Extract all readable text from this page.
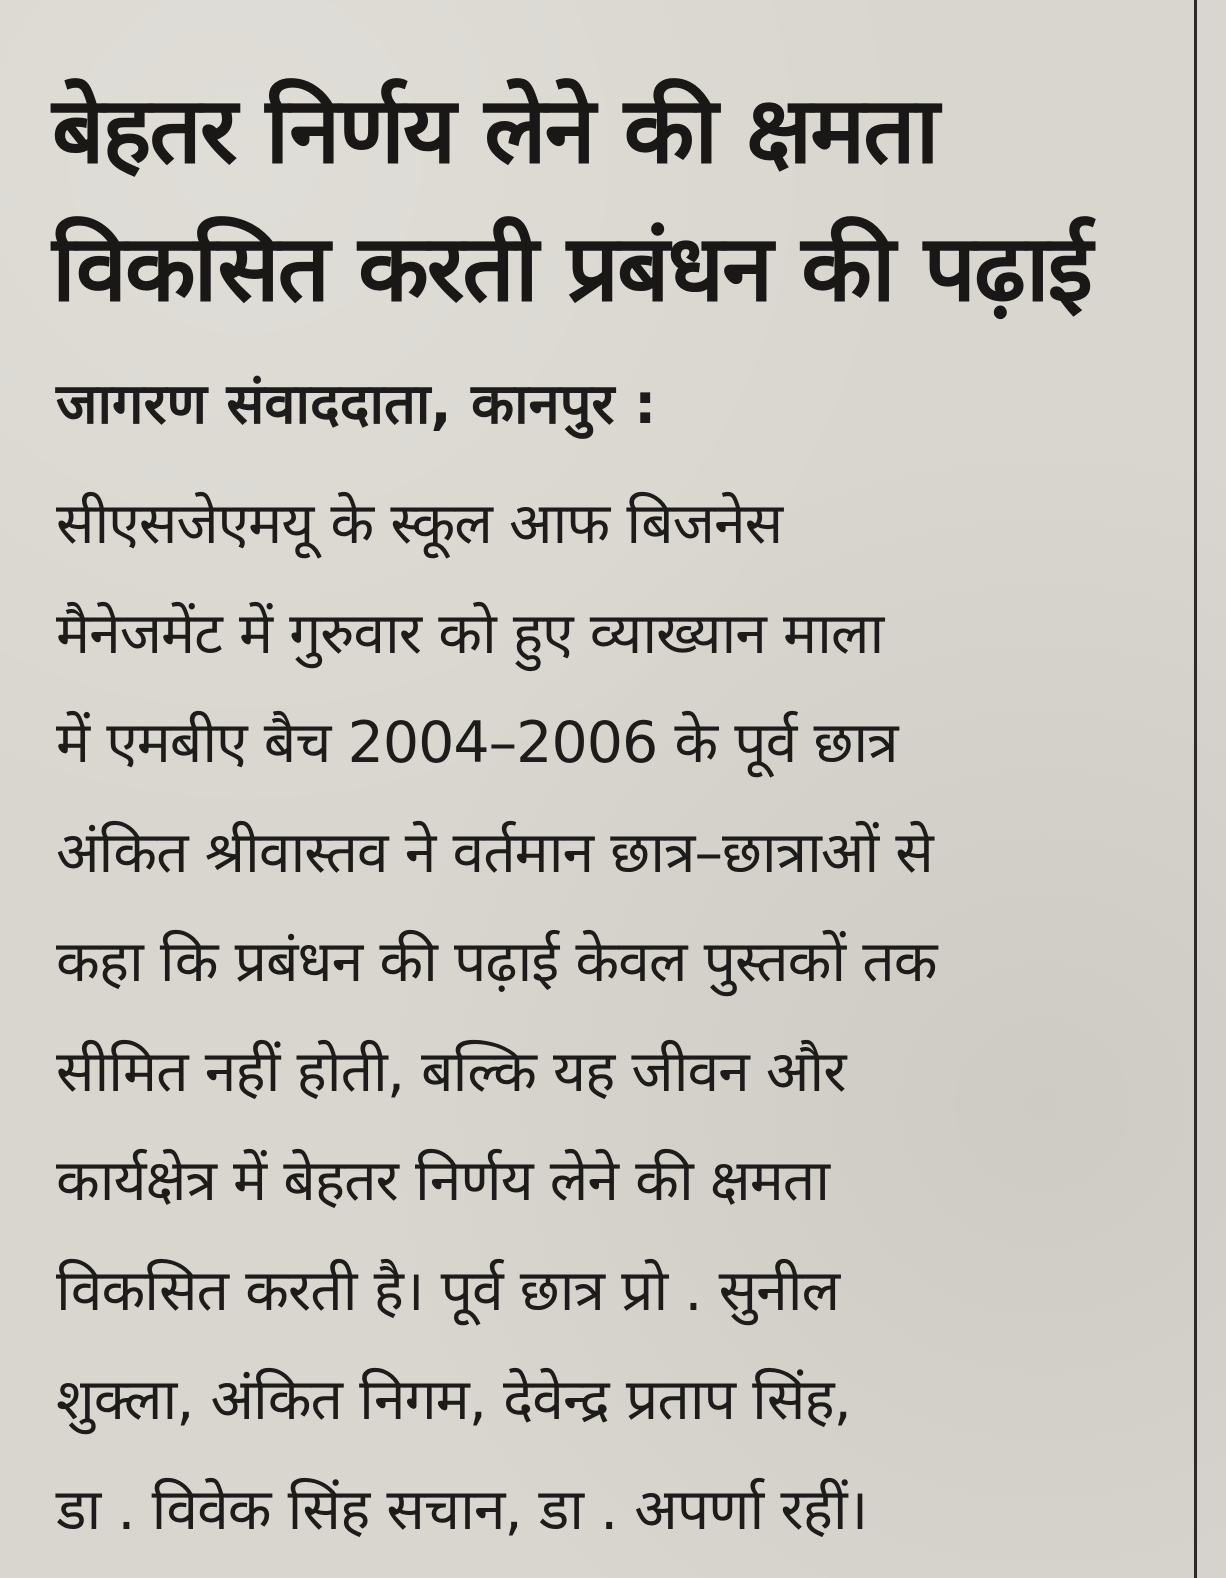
बेहतर निर्णय लेने की क्षमता
विकसित करती प्रबंधन की पढ़ाई

जागरण संवाददाता, कानपुर :

सीएसजेएमयू के स्कूल आफ बिजनेस
मैनेजमेंट में गुरुवार को हुए व्याख्यान माला
में एमबीए बैच 2004–2006 के पूर्व छात्र
अंकित श्रीवास्तव ने वर्तमान छात्र–छात्राओं से
कहा कि प्रबंधन की पढ़ाई केवल पुस्तकों तक
सीमित नहीं होती, बल्कि यह जीवन और
कार्यक्षेत्र में बेहतर निर्णय लेने की क्षमता
विकसित करती है। पूर्व छात्र प्रो . सुनील
शुक्ला, अंकित निगम, देवेन्द्र प्रताप सिंह,
डा . विवेक सिंह सचान, डा . अपर्णा रहीं।
